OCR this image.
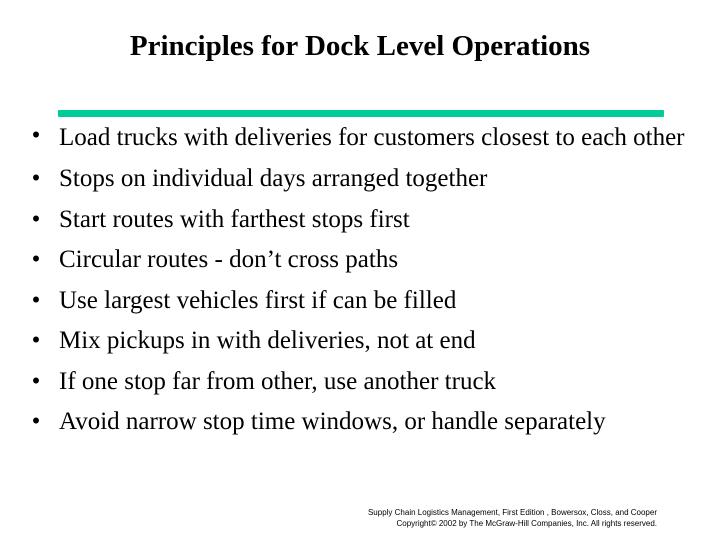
Principles for Dock Level Operations
• Load trucks with deliveries for customers closest to each other
• Stops on individual days arranged together
• Start routes with farthest stops first
• Circular routes - don’t cross paths
• Use largest vehicles first if can be filled
• Mix pickups in with deliveries, not at end
• If one stop far from other, use another truck
• Avoid narrow stop time windows, or handle separately
Supply Chain Logistics Management, First Edition , Bowersox, Closs, and Cooper
Copyright© 2002 by The McGraw-Hill Companies, Inc. All rights reserved.
